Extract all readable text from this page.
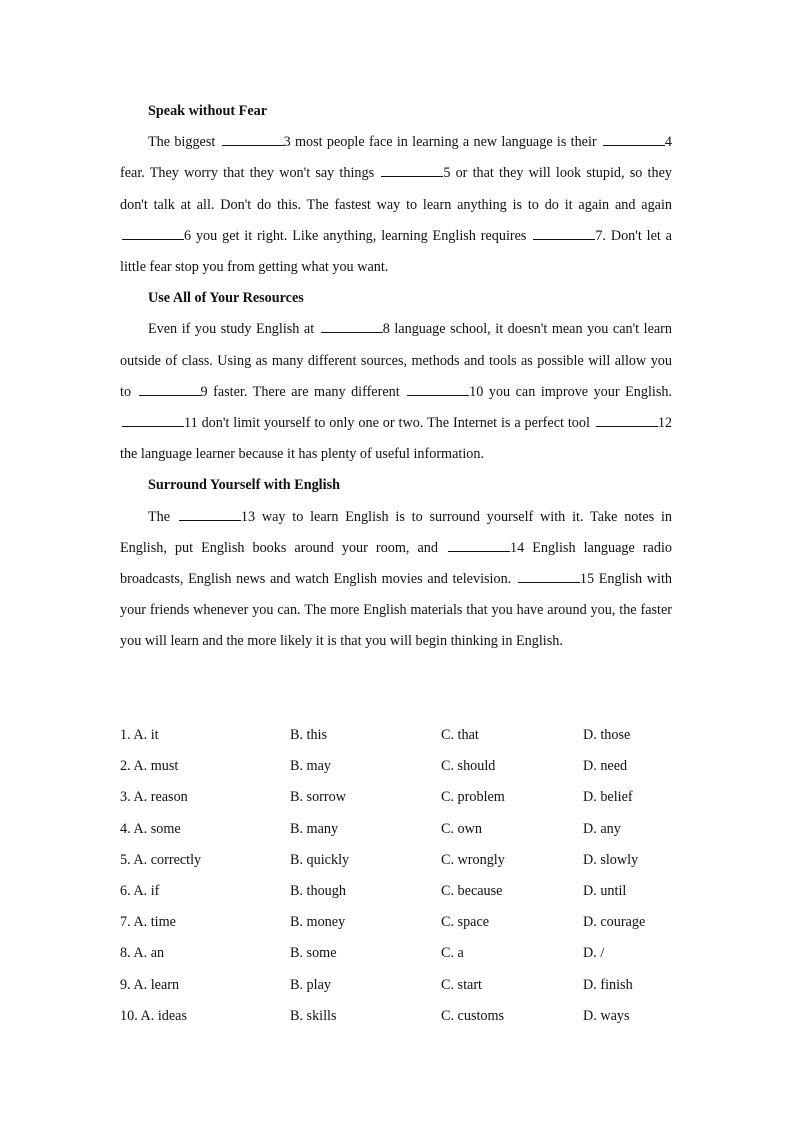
Speak without Fear

The biggest	3 most people face in learning a new language is their	4 fear. They worry that they won't say things	5 or that they will look stupid, so they don't talk at all. Don't do this. The fastest way to learn anything is to do it again and again 6 you get it right. Like anything, learning English requires	7. Don't let a little fear stop you from getting what you want.

Use All of Your Resources

Even if you study English at	8 language school, it doesn't mean you can't learn outside of class. Using as many different sources, methods and tools as possible will allow you to	9 faster. There are many different	10 you can improve your English. 11 don't limit yourself to only one or two. The Internet is a perfect tool	12 the language learner because it has plenty of useful information.

Surround Yourself with English

The	13 way to learn English is to surround yourself with it. Take notes in English, put English books around your room, and	14 English language radio broadcasts, English news and watch English movies and television.	15 English with your friends whenever you can. The more English materials that you have around you, the faster you will learn and the more likely it is that you will begin thinking in English.

1. A. it	B. this	C. that	D. those
2. A. must	B. may	C. should	D. need
3. A. reason	B. sorrow	C. problem	D. belief
4. A. some	B. many	C. own	D. any
5. A. correctly	B. quickly	C. wrongly	D. slowly
6. A. if	B. though	C. because	D. until
7. A. time	B. money	C. space	D. courage
8. A. an	B. some	C. a	D. /
9. A. learn	B. play	C. start	D. finish
10. A. ideas	B. skills	C. customs	D. ways
